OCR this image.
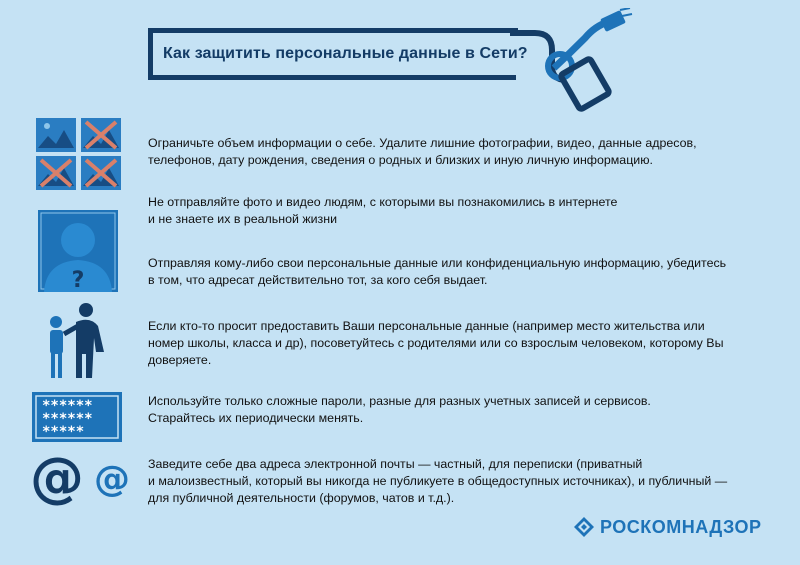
Как защитить персональные данные в Сети?
Ограничьте объем информации о себе. Удалите лишние фотографии, видео, данные адресов,
телефонов, дату рождения, сведения о родных и близких и иную личную информацию.
?
Не отправляйте фото и видео людям, с которыми вы познакомились в интернете
и не знаете их в реальной жизни
Отправляя кому-либо свои персональные данные или конфиденциальную информацию, убедитесь
в том, что адресат действительно тот, за кого себя выдает.
Если кто-то просит предоставить Ваши персональные данные (например место жительства или
номер школы, класса и др), посоветуйтесь с родителями или со взрослым человеком, которому Вы
доверяете.
******
******
*****
Используйте только сложные пароли, разные для разных учетных записей и сервисов.
Старайтесь их периодически менять.
@ @ Заведите себе два адреса электронной почты — частный, для переписки (приватный
и малоизвестный, который вы никогда не публикуете в общедоступных источниках), и публичный —
для публичной деятельности (форумов, чатов и т.д.).
РОСКОМНАДЗОР
